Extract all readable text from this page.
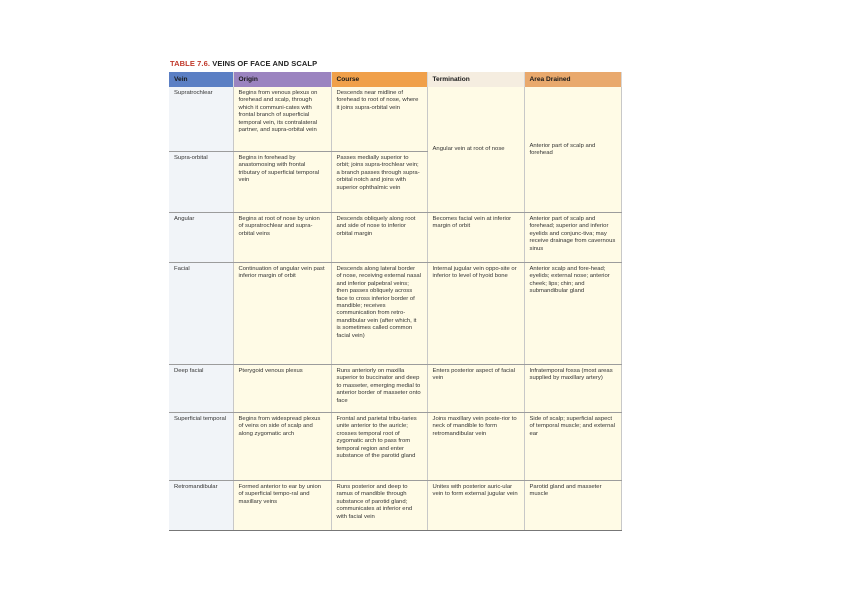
TABLE 7.6. VEINS OF FACE AND SCALP
Vein	Origin	Course	Termination	Area Drained
Supratrochlear	Begins from venous plexus on forehead and scalp, through which it communi-cates with frontal branch of superficial temporal vein, its contralateral partner, and supra-orbital vein	Descends near midline of forehead to root of nose, where it joins supra-orbital vein	Angular vein at root of nose	Anterior part of scalp and forehead
Supra-orbital	Begins in forehead by anastomosing with frontal tributary of superficial temporal vein	Passes medially superior to orbit; joins supra-trochlear vein; a branch passes through supra-orbital notch and joins with superior ophthalmic vein		
Angular	Begins at root of nose by union of supratrochlear and supra-orbital veins	Descends obliquely along root and side of nose to inferior orbital margin	Becomes facial vein at inferior margin of orbit	Anterior part of scalp and forehead; superior and inferior eyelids and conjunc-tiva; may receive drainage from cavernous sinus
Facial	Continuation of angular vein past inferior margin of orbit	Descends along lateral border of nose, receiving external nasal and inferior palpebral veins; then passes obliquely across face to cross inferior border of mandible; receives communication from retro-mandibular vein (after which, it is sometimes called common facial vein)	Internal jugular vein oppo-site or inferior to level of hyoid bone	Anterior scalp and fore-head; eyelids; external nose; anterior cheek; lips; chin; and submandibular gland
Deep facial	Pterygoid venous plexus	Runs anteriorly on maxilla superior to buccinator and deep to masseter, emerging medial to anterior border of masseter onto face	Enters posterior aspect of facial vein	Infratemporal fossa (most areas supplied by maxillary artery)
Superficial temporal	Begins from widespread plexus of veins on side of scalp and along zygomatic arch	Frontal and parietal tribu-taries unite anterior to the auricle; crosses temporal root of zygomatic arch to pass from temporal region and enter substance of the parotid gland	Joins maxillary vein poste-rior to neck of mandible to form retromandibular vein	Side of scalp; superficial aspect of temporal muscle; and external ear
Retromandibular	Formed anterior to ear by union of superficial tempo-ral and maxillary veins	Runs posterior and deep to ramus of mandible through substance of parotid gland; communicates at inferior end with facial vein	Unites with posterior auric-ular vein to form external jugular vein	Parotid gland and masseter muscle
